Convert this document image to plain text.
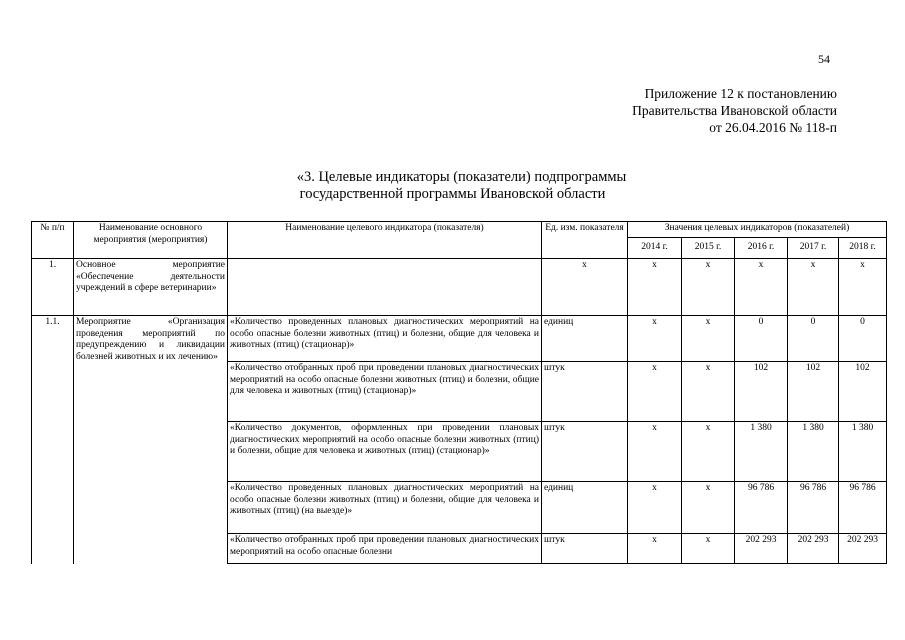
54
Приложение 12 к постановлению
Правительства Ивановской области
от 26.04.2016 № 118-п
«3. Целевые индикаторы (показатели) подпрограммы
государственной программы Ивановской области
№ п/п	Наименование основного мероприятия (мероприятия)	Наименование целевого индикатора (показателя)	Ед. изм. показателя	Значения целевых индикаторов (показателей)				
				2014 г.	2015 г.	2016 г.	2017 г.	2018 г.
1.	Основное мероприятие «Обеспечение деятельности учреждений в сфере ветеринарии»		x	x	x	x	x	x
1.1.	Мероприятие «Организация проведения мероприятий по предупреждению и ликвидации болезней животных и их лечению»	«Количество проведенных плановых диагностических мероприятий на особо опасные болезни животных (птиц) и болезни, общие для человека и животных (птиц) (стационар)»	единиц	x	x	0	0	0
		«Количество отобранных проб при проведении плановых диагностических мероприятий на особо опасные болезни животных (птиц) и болезни, общие для человека и животных (птиц) (стационар)»	штук	x	x	102	102	102
		«Количество документов, оформленных при проведении плановых диагностических мероприятий на особо опасные болезни животных (птиц) и болезни, общие для человека и животных (птиц) (стационар)»	штук	x	x	1 380	1 380	1 380
		«Количество проведенных плановых диагностических мероприятий на особо опасные болезни животных (птиц) и болезни, общие для человека и животных (птиц) (на выезде)»	единиц	x	x	96 786	96 786	96 786
		«Количество отобранных проб при проведении плановых диагностических мероприятий на особо опасные болезни	штук	x	x	202 293	202 293	202 293
